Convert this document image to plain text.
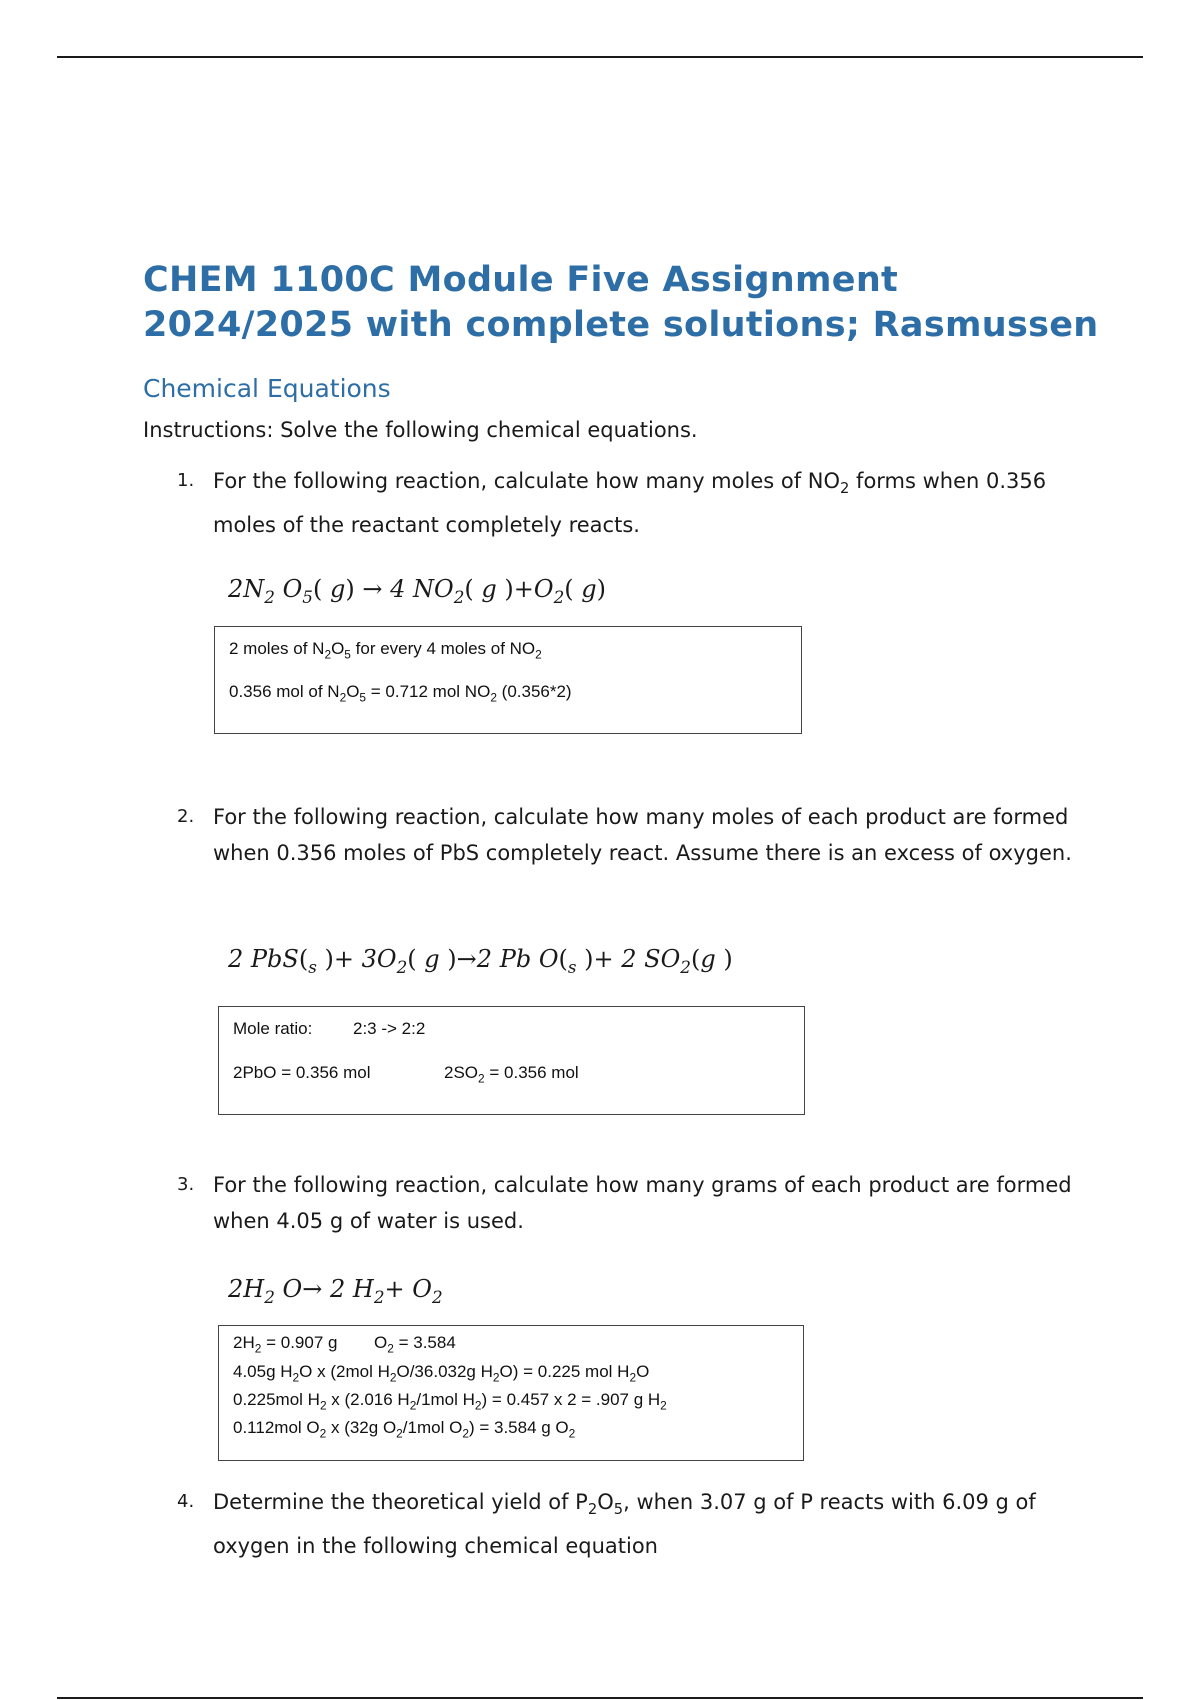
CHEM 1100C Module Five Assignment
2024/2025 with complete solutions; Rasmussen
Chemical Equations

Instructions: Solve the following chemical equations.

1. For the following reaction, calculate how many moles of $NO_2$ forms when 0.356 moles of the reactant completely reacts.
$2N_2$ $O_5$( g) → 4 $NO_2$( g )$+O_2$( g)
2 moles of $N_2O_5$ for every 4 moles of $NO_2$
0.356 mol of $N_2O_5 = 0.712$ mol $NO_2$ (0.356*2)
2. For the following reaction, calculate how many moles of each product are formed when 0.356 moles of PbS completely react. Assume there is an excess of oxygen.
2 $PbS(_s$ )+ $3O_2$( g )→2 Pb $O(_s$ )+ 2 $SO_2(g$ )
Mole ratio: 2:3 -> 2:2
2PbO = 0.356 mol	$2SO_2 = 0.356$ mol
3. For the following reaction, calculate how many grams of each product are formed when 4.05 g of water is used.
$2H_2$ O→ 2 $H_2+ O_2$
$2H_2 = 0.907$ g $O_2 = 3.584$
4.05g $H_2O$ x (2mol $H_2O/36.032g$ $H_2O) = 0.225$ mol $H_2O$
0.225mol $H_2$ x (2.016 $H_2/1mol$ $H_2) = 0.457$ x 2 = .907 g $H_2$
0.112mol $O_2$ x (32g $O_2/1mol$ $O_2) = 3.584$ g $O_2$
4. Determine the theoretical yield of $P_2O_5$, when 3.07 g of P reacts with 6.09 g of oxygen in the following chemical equation
